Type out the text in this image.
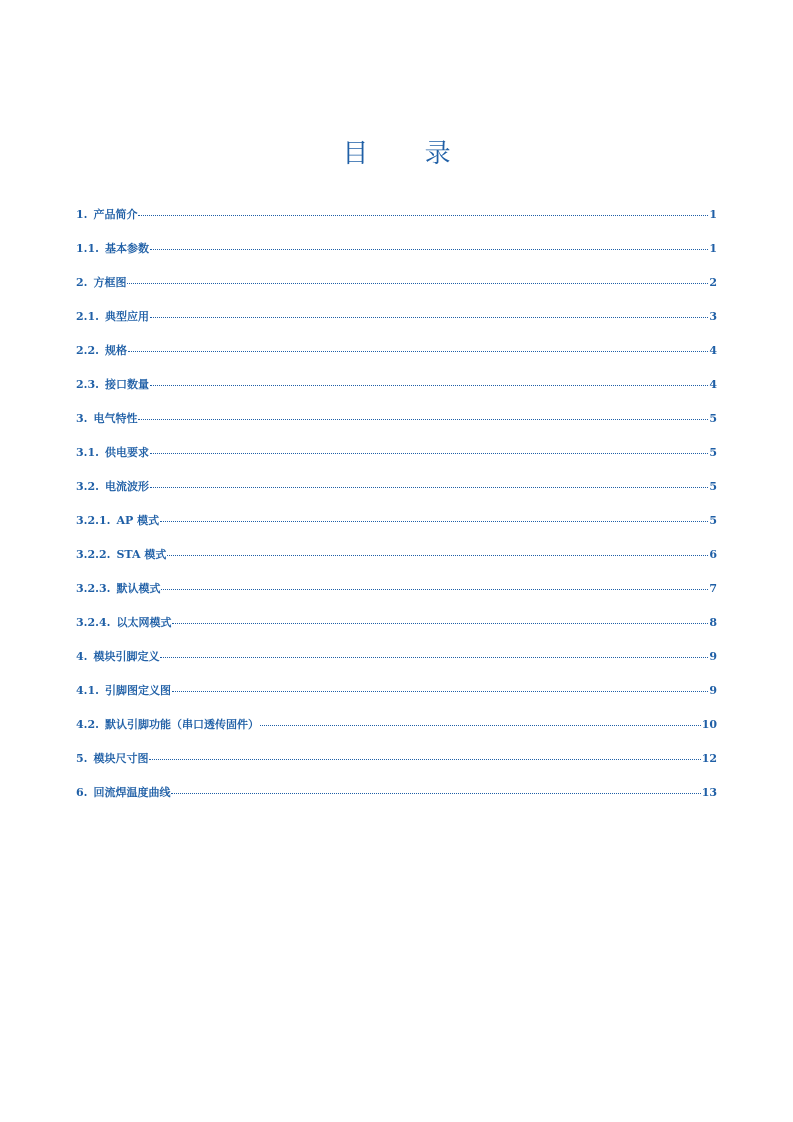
目 录
1. 产品简介	1
1.1. 基本参数	1
2. 方框图	2
2.1. 典型应用	3
2.2. 规格	4
2.3. 接口数量	4
3. 电气特性	5
3.1. 供电要求	5
3.2. 电流波形	5
3.2.1. AP 模式	5
3.2.2. STA 模式	6
3.2.3. 默认模式	7
3.2.4. 以太网模式	8
4. 模块引脚定义	9
4.1. 引脚图定义图	9
4.2. 默认引脚功能（串口透传固件）	10
5. 模块尺寸图	12
6. 回流焊温度曲线	13
